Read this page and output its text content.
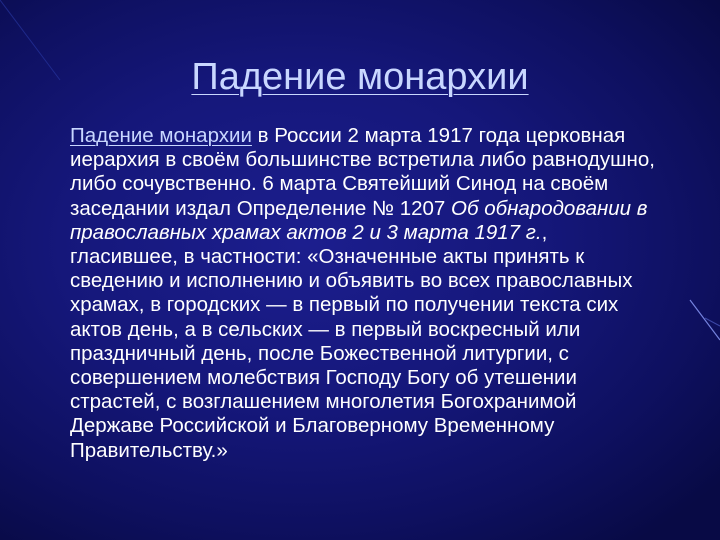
Падение монархии

Падение монархии в России 2 марта 1917 года церковная иерархия в своём большинстве встретила либо равнодушно, либо сочувственно. 6 марта Святейший Синод на своём заседании издал Определение № 1207 Об обнародовании в православных храмах актов 2 и 3 марта 1917 г., гласившее, в частности: «Означенные акты принять к сведению и исполнению и объявить во всех православных храмах, в городских — в первый по получении текста сих актов день, а в сельских — в первый воскресный или праздничный день, после Божественной литургии, с совершением молебствия Господу Богу об утешении страстей, с возглашением многолетия Богохранимой Державе Российской и Благоверному Временному Правительству.»
